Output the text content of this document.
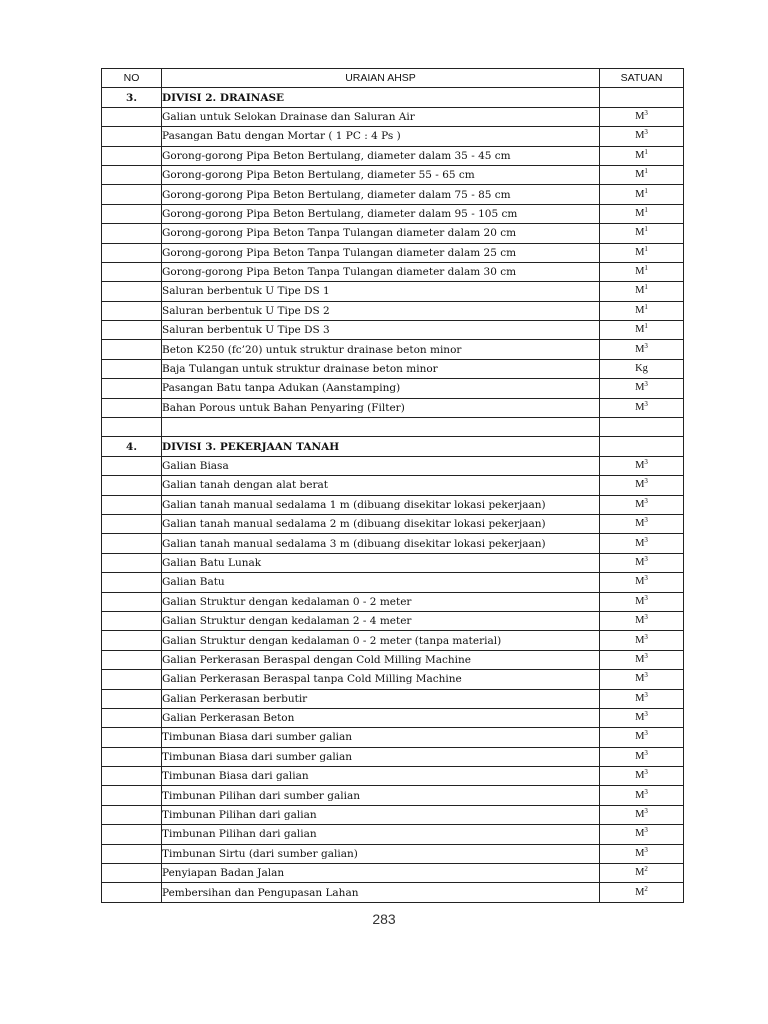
NO	URAIAN AHSP	SATUAN
3.	DIVISI 2. DRAINASE	
	Galian untuk Selokan Drainase dan Saluran Air	$M^3$
	Pasangan Batu dengan Mortar ( 1 PC : 4 Ps )	$M^3$
	Gorong-gorong Pipa Beton Bertulang, diameter dalam 35 - 45 cm	$M^1$
	Gorong-gorong Pipa Beton Bertulang, diameter 55 - 65 cm	$M^1$
	Gorong-gorong Pipa Beton Bertulang, diameter dalam 75 - 85 cm	$M^1$
	Gorong-gorong Pipa Beton Bertulang, diameter dalam 95 - 105 cm	$M^1$
	Gorong-gorong Pipa Beton Tanpa Tulangan diameter dalam 20 cm	$M^1$
	Gorong-gorong Pipa Beton Tanpa Tulangan diameter dalam 25 cm	$M^1$
	Gorong-gorong Pipa Beton Tanpa Tulangan diameter dalam 30 cm	$M^1$
	Saluran berbentuk U Tipe DS 1	$M^1$
	Saluran berbentuk U Tipe DS 2	$M^1$
	Saluran berbentuk U Tipe DS 3	$M^1$
	Beton K250 (fc’20) untuk struktur drainase beton minor	$M^3$
	Baja Tulangan untuk struktur drainase beton minor	Kg
	Pasangan Batu tanpa Adukan (Aanstamping)	$M^3$
	Bahan Porous untuk Bahan Penyaring (Filter)	$M^3$

4.	DIVISI 3. PEKERJAAN TANAH	
	Galian Biasa	$M^3$
	Galian tanah dengan alat berat	$M^3$
	Galian tanah manual sedalama 1 m (dibuang disekitar lokasi pekerjaan)	$M^3$
	Galian tanah manual sedalama 2 m (dibuang disekitar lokasi pekerjaan)	$M^3$
	Galian tanah manual sedalama 3 m (dibuang disekitar lokasi pekerjaan)	$M^3$
	Galian Batu Lunak	$M^3$
	Galian Batu	$M^3$
	Galian Struktur dengan kedalaman 0 - 2 meter	$M^3$
	Galian Struktur dengan kedalaman 2 - 4 meter	$M^3$
	Galian Struktur dengan kedalaman 0 - 2 meter (tanpa material)	$M^3$
	Galian Perkerasan Beraspal dengan Cold Milling Machine	$M^3$
	Galian Perkerasan Beraspal tanpa Cold Milling Machine	$M^3$
	Galian Perkerasan berbutir	$M^3$
	Galian Perkerasan Beton	$M^3$
	Timbunan Biasa dari sumber galian	$M^3$
	Timbunan Biasa dari sumber galian	$M^3$
	Timbunan Biasa dari galian	$M^3$
	Timbunan Pilihan dari sumber galian	$M^3$
	Timbunan Pilihan dari galian	$M^3$
	Timbunan Pilihan dari galian	$M^3$
	Timbunan Sirtu (dari sumber galian)	$M^3$
	Penyiapan Badan Jalan	$M^2$
	Pembersihan dan Pengupasan Lahan	$M^2$
283
